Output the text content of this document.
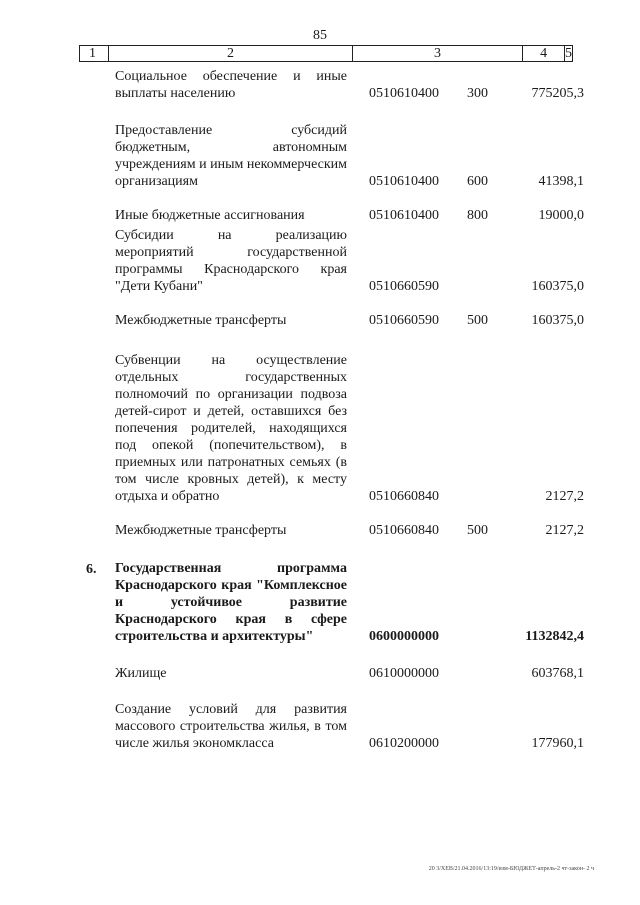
85
1	2	3	4	5
Социальное обеспечение и иные выплаты населению	0510610400 300	775205,3
Предоставление субсидий бюджетным, автономным учреждениям и иным некоммерческим организациям	0510610400 600	41398,1
Иные бюджетные ассигнования	0510610400 800	19000,0
Субсидии на реализацию мероприятий государственной программы Краснодарского края "Дети Кубани"	0510660590	160375,0
Межбюджетные трансферты	0510660590 500	160375,0
Субвенции на осуществление отдельных государственных полномочий по организации подвоза детей-сирот и детей, оставшихся без попечения родителей, находящихся под опекой (попечительством), в приемных или патронатных семьях (в том числе кровных детей), к месту отдыха и обратно	0510660840	2127,2
Межбюджетные трансферты	0510660840 500	2127,2
6.	Государственная программа Краснодарского края "Комплексное и устойчивое развитие Краснодарского края в сфере строительства и архитектуры"	0600000000	1132842,4
Жилище	0610000000	603768,1
Создание условий для развития массового строительства жилья, в том числе жилья экономкласса	0610200000	177960,1
20 3/ХЕВ/21.04.2016/13:19/изм-БЮДЖЕТ-апрель-2 чт-закон- 2 ч
